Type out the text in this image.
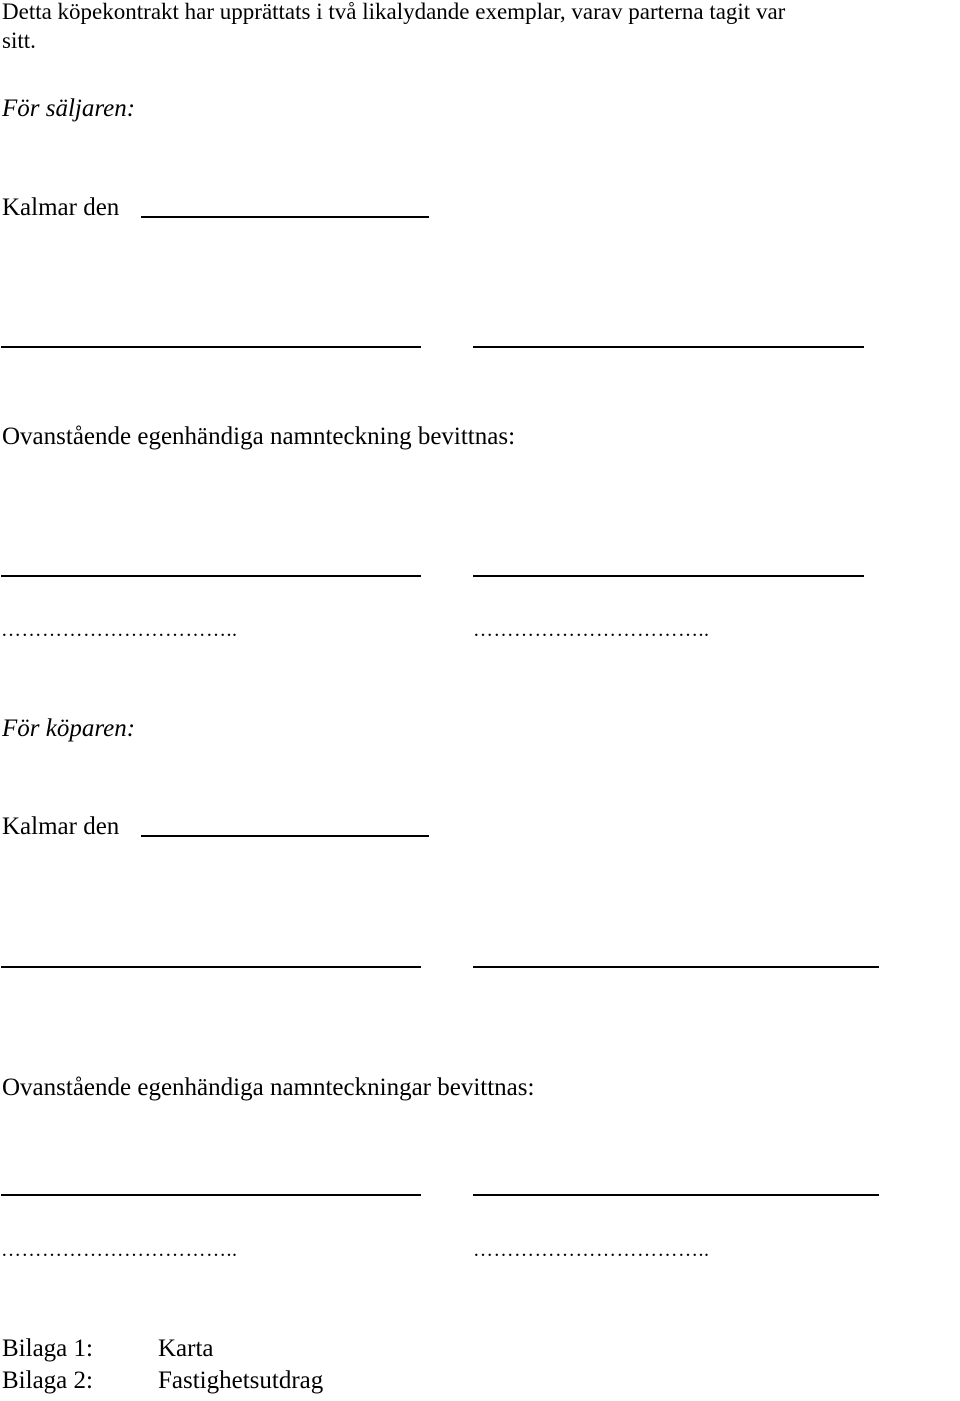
Detta köpekontrakt har upprättats i två likalydande exemplar, varav parterna tagit var
sitt.
För säljaren:
Kalmar den
Ovanstående egenhändiga namnteckning bevittnas:
……………………………..	……………………………..
För köparen:
Kalmar den
Ovanstående egenhändiga namnteckningar bevittnas:
……………………………..	……………………………..
Bilaga 1:	Karta
Bilaga 2:	Fastighetsutdrag
